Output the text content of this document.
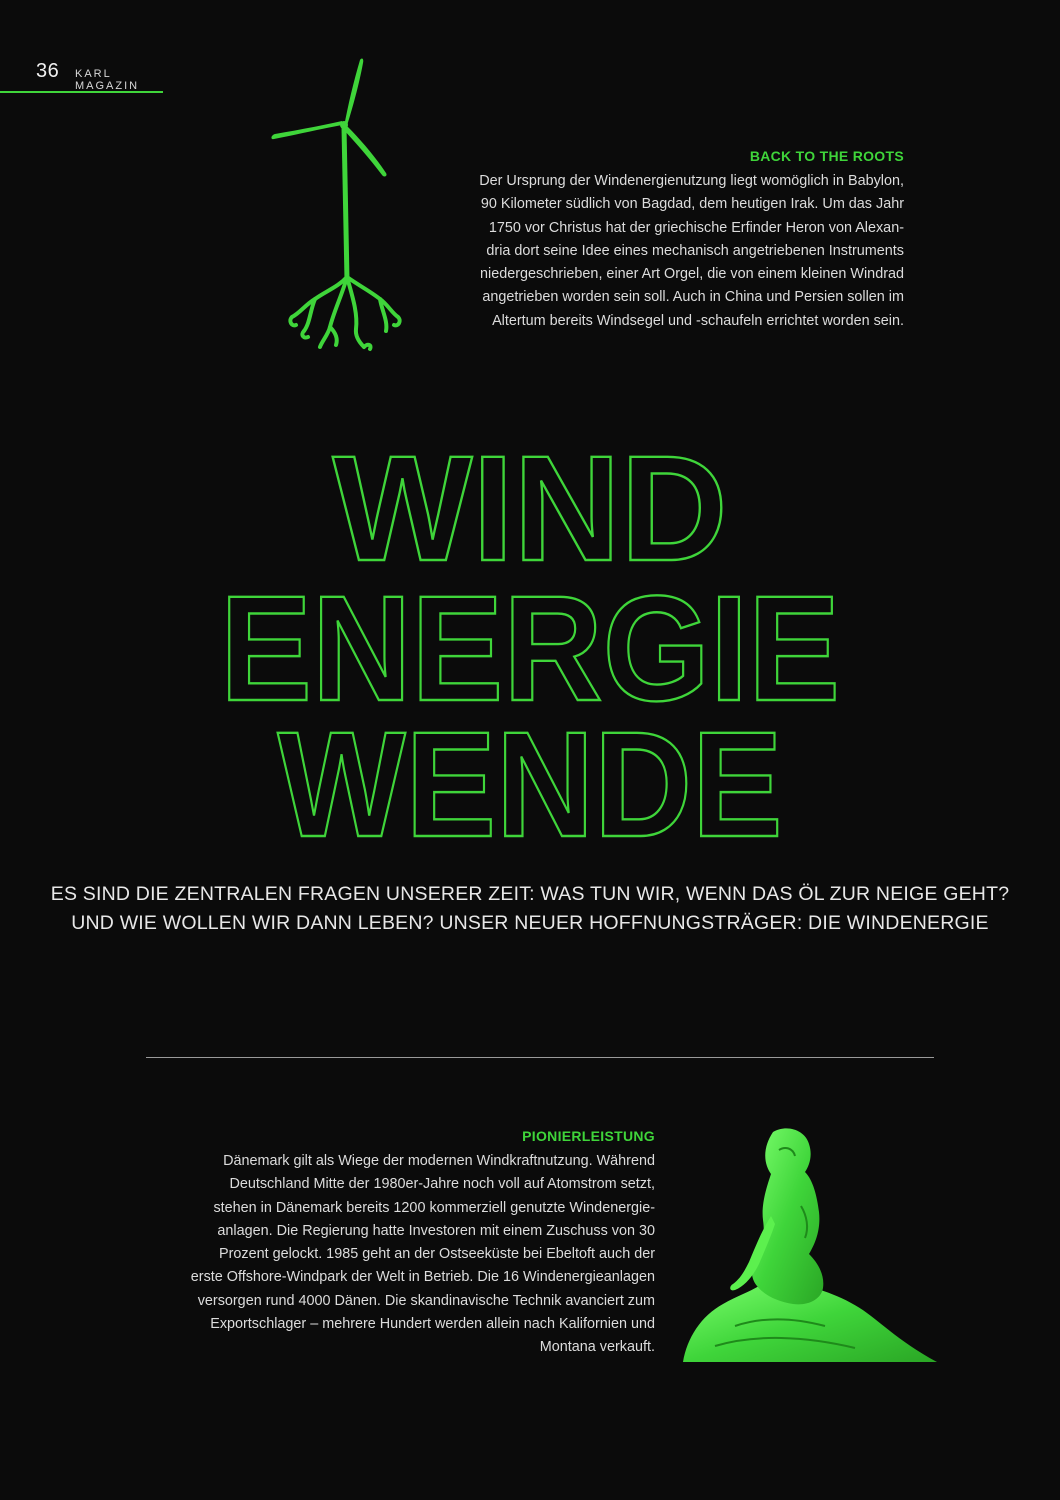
36 KARL MAGAZIN
BACK TO THE ROOTS
Der Ursprung der Windenergienutzung liegt womöglich in Babylon,
90 Kilometer südlich von Bagdad, dem heutigen Irak. Um das Jahr
1750 vor Christus hat der griechische Erfinder Heron von Alexan-
dria dort seine Idee eines mechanisch angetriebenen Instruments
niedergeschrieben, einer Art Orgel, die von einem kleinen Windrad
angetrieben worden sein soll. Auch in China und Persien sollen im
Altertum bereits Windsegel und -schaufeln errichtet worden sein.
WIND
ENERGIE
WENDE
ES SIND DIE ZENTRALEN FRAGEN UNSERER ZEIT: WAS TUN WIR, WENN DAS ÖL ZUR NEIGE GEHT?
UND WIE WOLLEN WIR DANN LEBEN? UNSER NEUER HOFFNUNGSTRÄGER: DIE WINDENERGIE
PIONIERLEISTUNG
Dänemark gilt als Wiege der modernen Windkraftnutzung. Während
Deutschland Mitte der 1980er-Jahre noch voll auf Atomstrom setzt,
stehen in Dänemark bereits 1200 kommerziell genutzte Windenergie-
anlagen. Die Regierung hatte Investoren mit einem Zuschuss von 30
Prozent gelockt. 1985 geht an der Ostseeküste bei Ebeltoft auch der
erste Offshore-Windpark der Welt in Betrieb. Die 16 Windenergieanlagen
versorgen rund 4000 Dänen. Die skandinavische Technik avanciert zum
Exportschlager – mehrere Hundert werden allein nach Kalifornien und
Montana verkauft.
